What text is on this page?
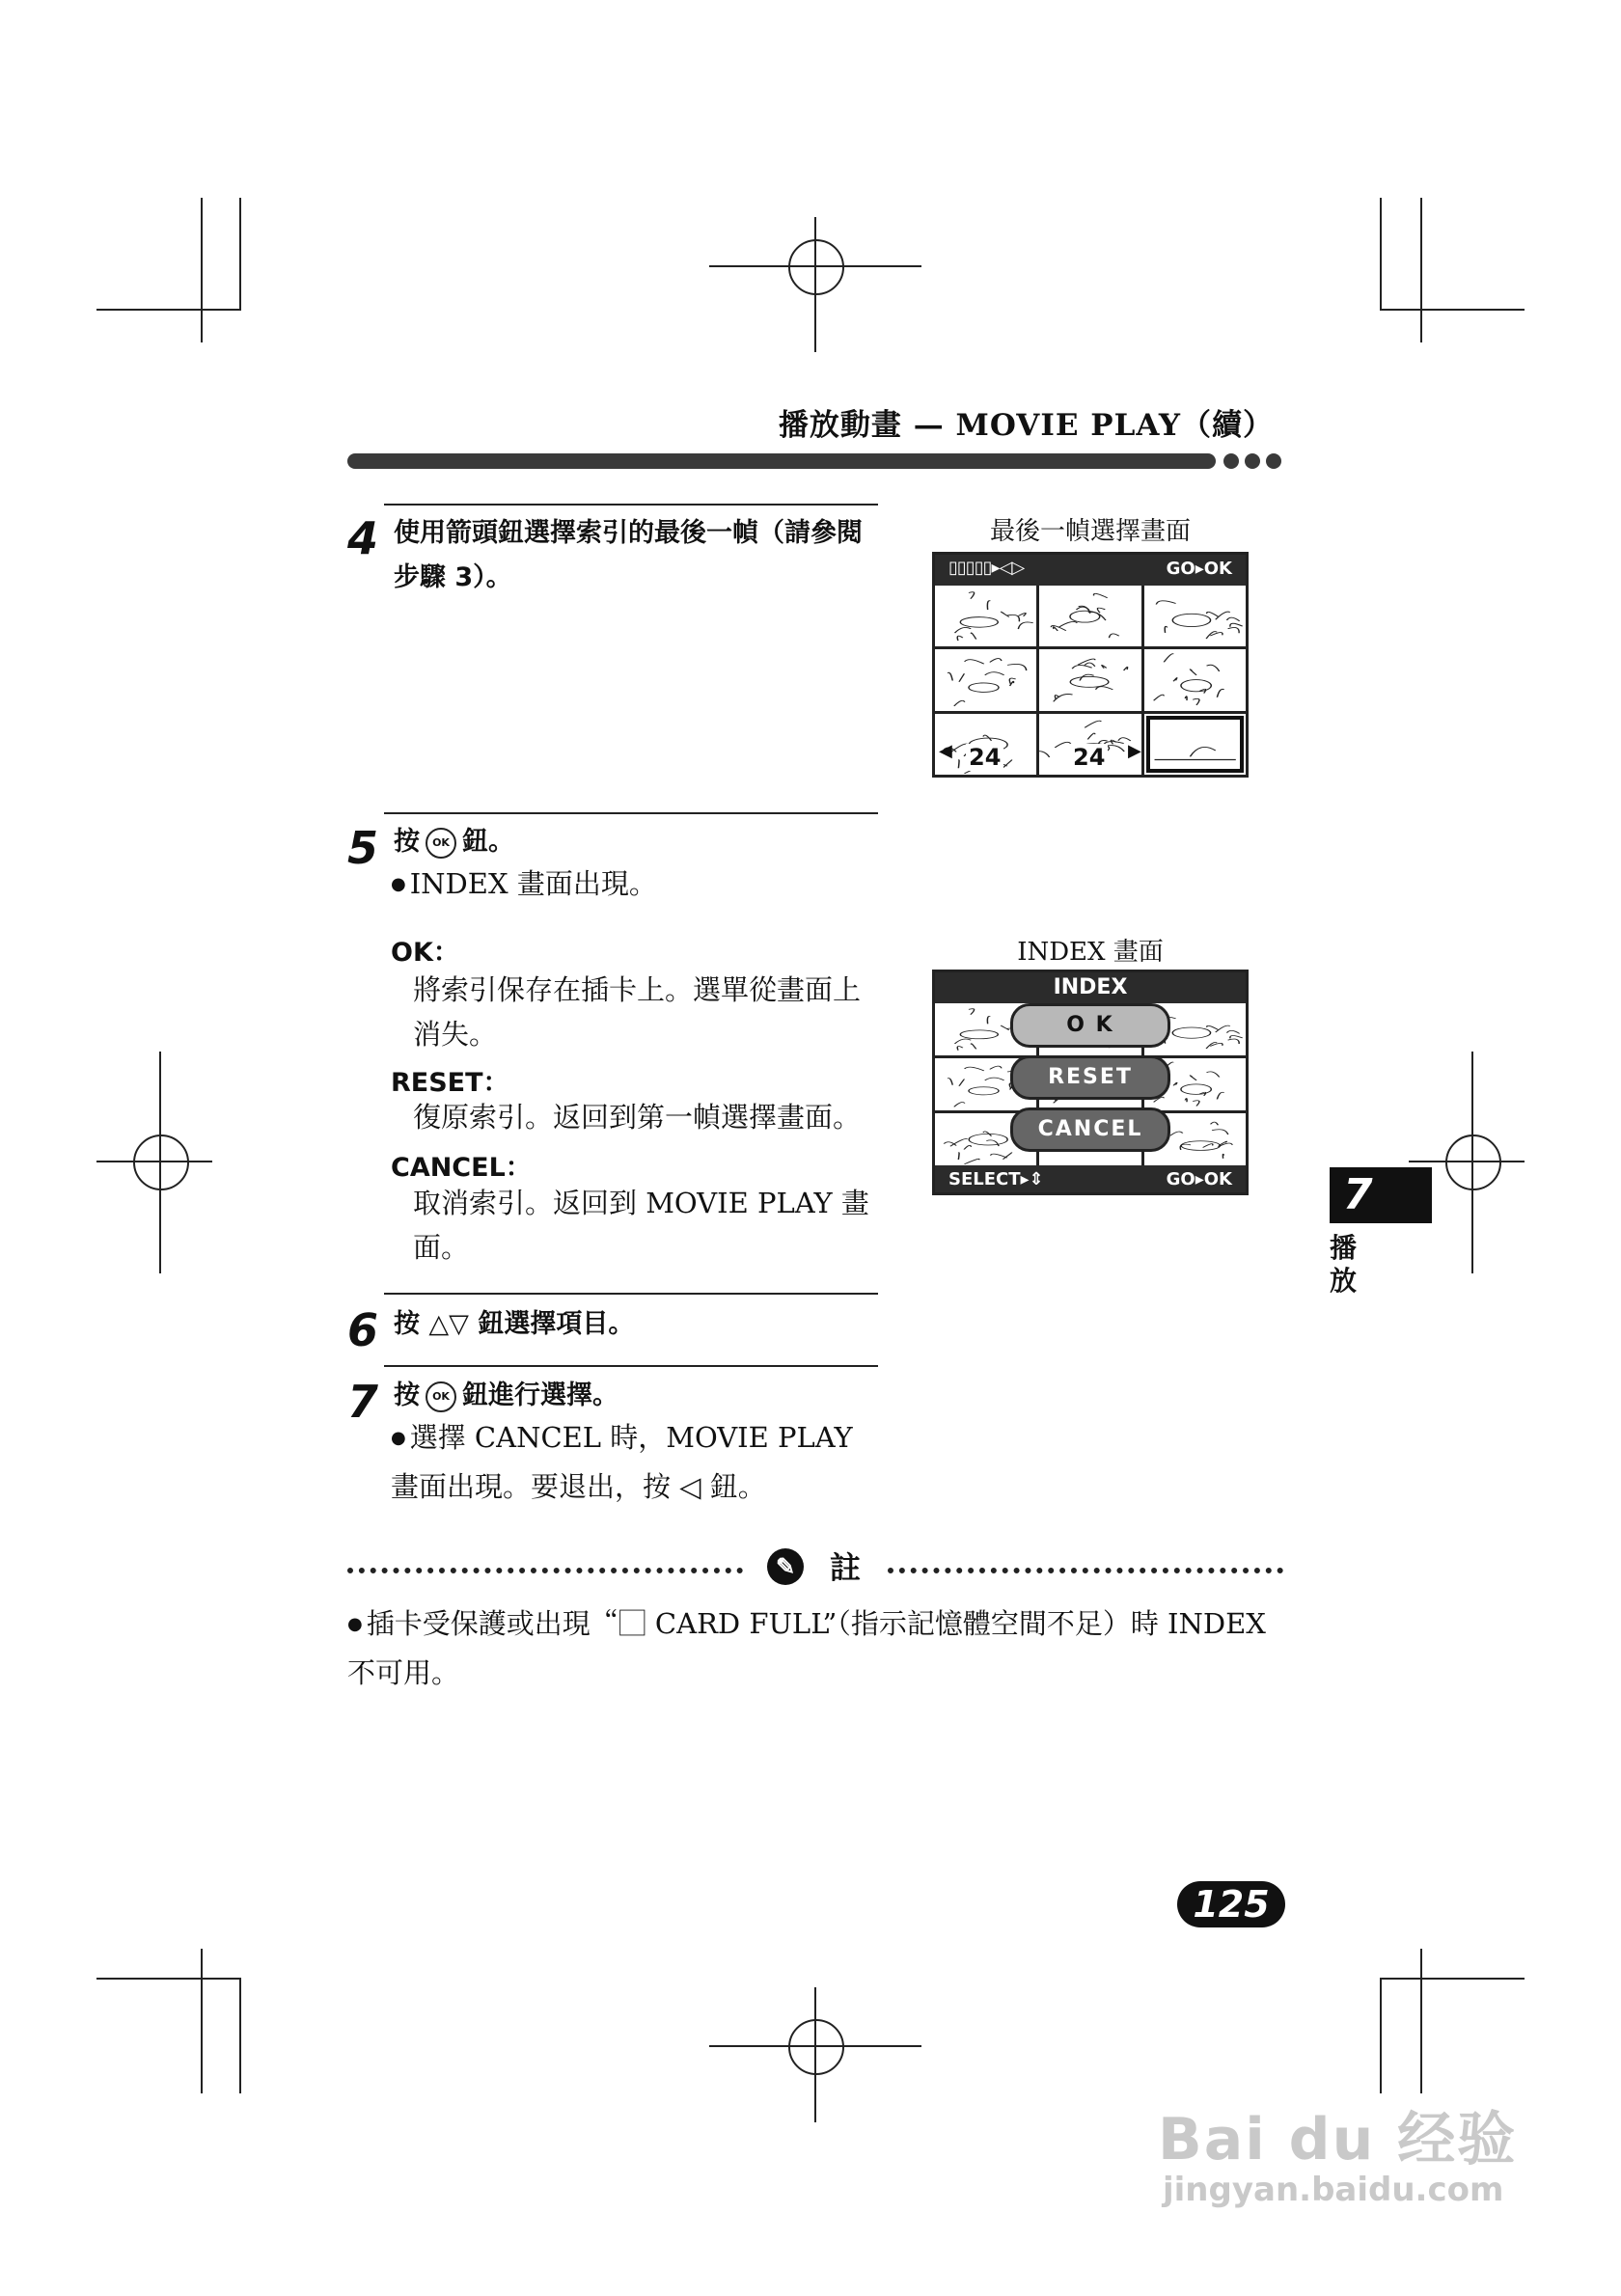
播放動畫 — MOVIE PLAY（續）
4 使用箭頭鈕選擇索引的最後一幀（請參閱步驟 3）。
最後一幀選擇畫面
▯▯▯▯▯▸◁▷	GO▸OK
◀ 24	24 ▶
5 按 OK 鈕。
● INDEX 畫面出現。
OK：
將索引保存在插卡上。選單從畫面上消失。
RESET：
復原索引。返回到第一幀選擇畫面。
CANCEL：
取消索引。返回到 MOVIE PLAY 畫面。
INDEX 畫面
INDEX
O K
RESET
CANCEL
SELECT▸⇕	GO▸OK
6 按 △▽ 鈕選擇項目。
7 按 OK 鈕進行選擇。
● 選擇 CANCEL 時，MOVIE PLAY 畫面出現。要退出，按 ◁ 鈕。
✎ 註
● 插卡受保護或出現“⃞ CARD FULL”（指示記憶體空間不足）時 INDEX 不可用。
7
播
放
125
Bai du 经验
jingyan.baidu.com
